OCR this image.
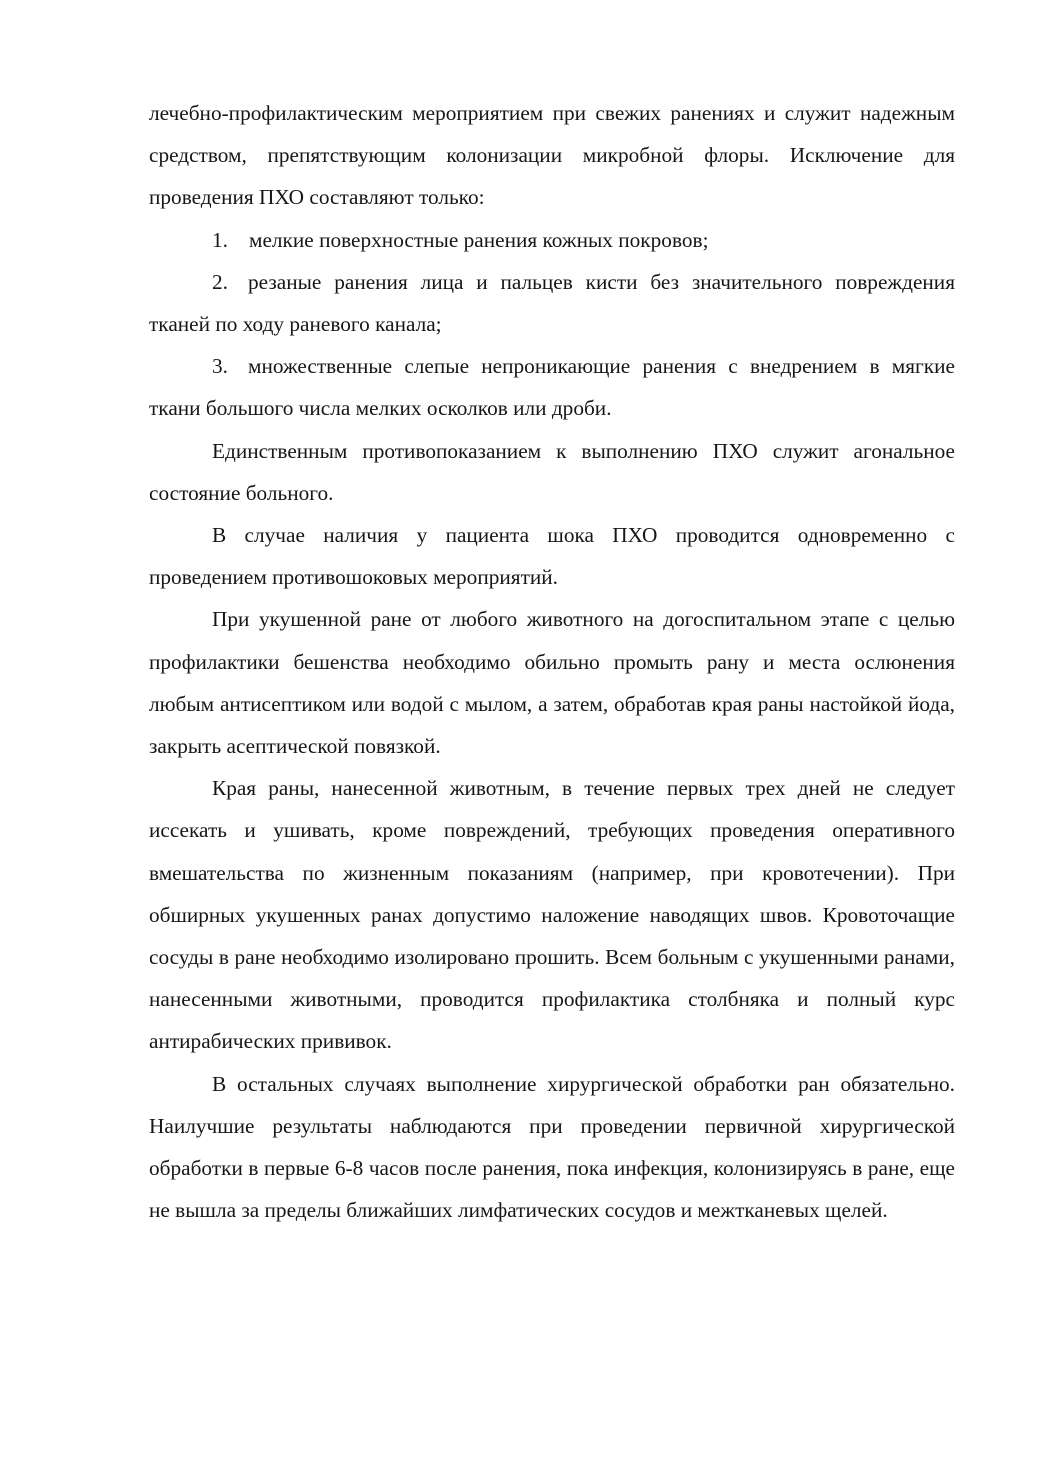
лечебно-профилактическим мероприятием при свежих ранениях и служит надежным средством, препятствующим колонизации микробной флоры. Исключение для проведения ПХО составляют только:

1. мелкие поверхностные ранения кожных покровов;

2. резаные ранения лица и пальцев кисти без значительного повреждения тканей по ходу раневого канала;

3. множественные слепые непроникающие ранения с внедрением в мягкие ткани большого числа мелких осколков или дроби.

Единственным противопоказанием к выполнению ПХО служит агональное состояние больного.

В случае наличия у пациента шока ПХО проводится одновременно с проведением противошоковых мероприятий.

При укушенной ране от любого животного на догоспитальном этапе с целью профилактики бешенства необходимо обильно промыть рану и места ослюнения любым антисептиком или водой с мылом, а затем, обработав края раны настойкой йода, закрыть асептической повязкой.

Края раны, нанесенной животным, в течение первых трех дней не следует иссекать и ушивать, кроме повреждений, требующих проведения оперативного вмешательства по жизненным показаниям (например, при кровотечении). При обширных укушенных ранах допустимо наложение наводящих швов. Кровоточащие сосуды в ране необходимо изолировано прошить. Всем больным с укушенными ранами, нанесенными животными, проводится профилактика столбняка и полный курс антирабических прививок.

В остальных случаях выполнение хирургической обработки ран обязательно. Наилучшие результаты наблюдаются при проведении первичной хирургической обработки в первые 6-8 часов после ранения, пока инфекция, колонизируясь в ране, еще не вышла за пределы ближайших лимфатических сосудов и межтканевых щелей.
